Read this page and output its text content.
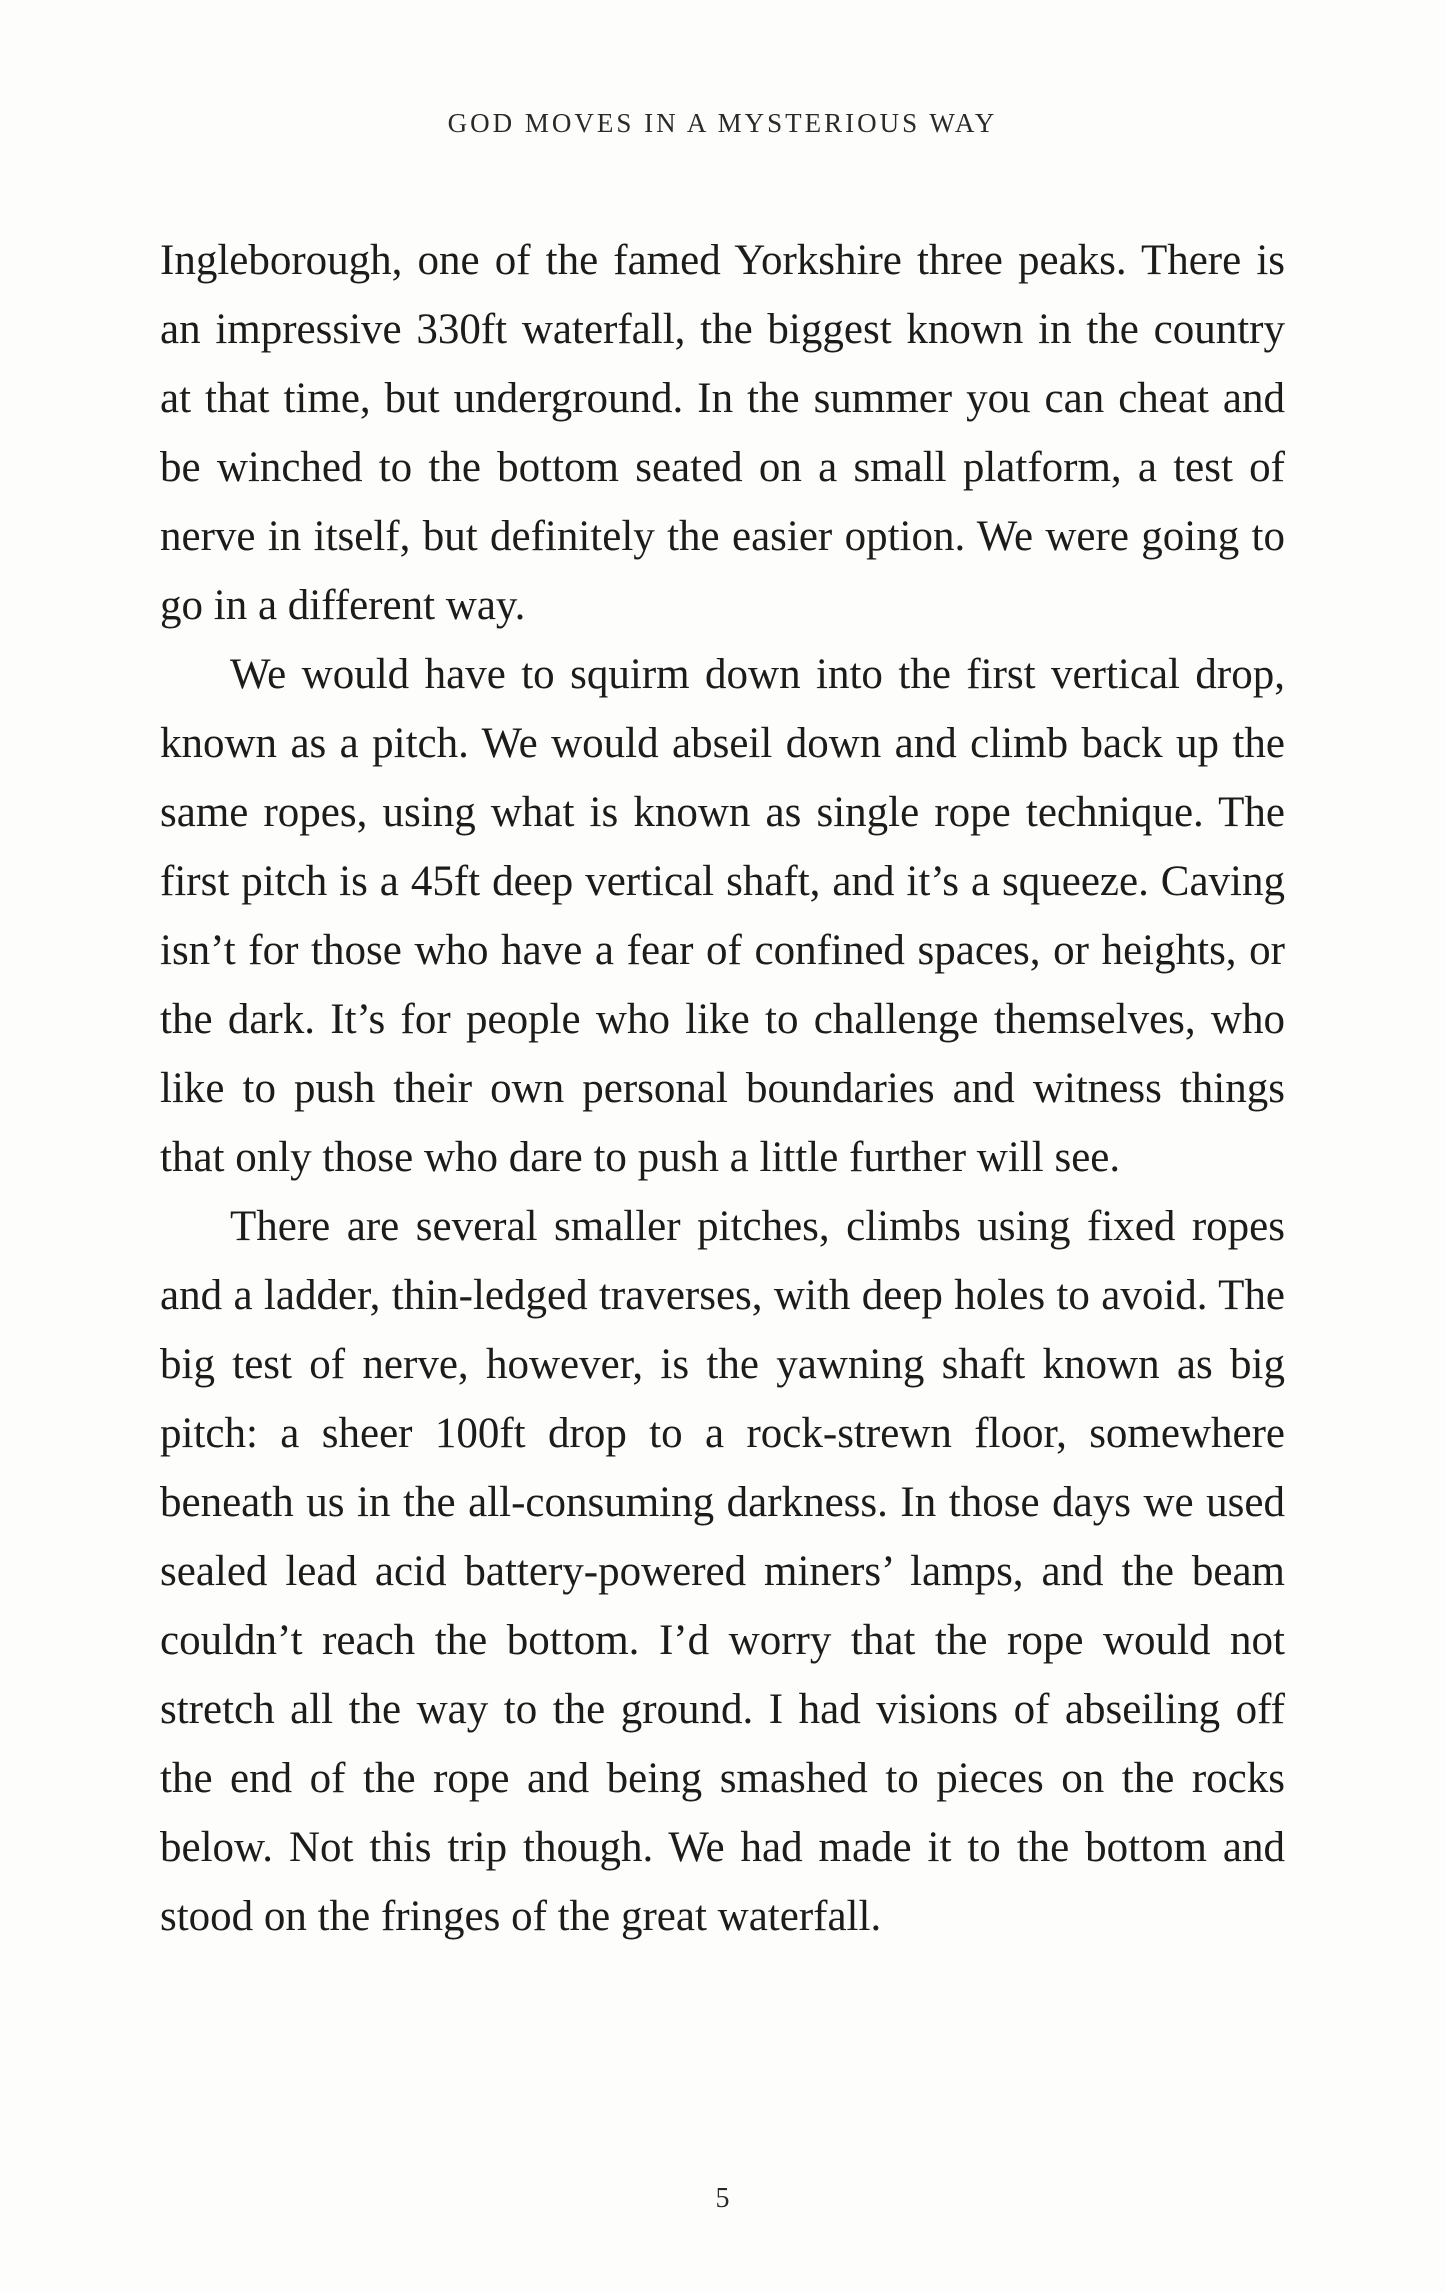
GOD MOVES IN A MYSTERIOUS WAY

Ingleborough, one of the famed Yorkshire three peaks. There is an impressive 330ft waterfall, the biggest known in the country at that time, but underground. In the summer you can cheat and be winched to the bottom seated on a small platform, a test of nerve in itself, but definitely the easier option. We were going to go in a different way.

We would have to squirm down into the first vertical drop, known as a pitch. We would abseil down and climb back up the same ropes, using what is known as single rope technique. The first pitch is a 45ft deep vertical shaft, and it’s a squeeze. Caving isn’t for those who have a fear of confined spaces, or heights, or the dark. It’s for people who like to challenge themselves, who like to push their own personal boundaries and witness things that only those who dare to push a little further will see.

There are several smaller pitches, climbs using fixed ropes and a ladder, thin-ledged traverses, with deep holes to avoid. The big test of nerve, however, is the yawning shaft known as big pitch: a sheer 100ft drop to a rock-strewn floor, somewhere beneath us in the all-consuming darkness. In those days we used sealed lead acid battery-powered miners’ lamps, and the beam couldn’t reach the bottom. I’d worry that the rope would not stretch all the way to the ground. I had visions of abseiling off the end of the rope and being smashed to pieces on the rocks below. Not this trip though. We had made it to the bottom and stood on the fringes of the great waterfall.

5
